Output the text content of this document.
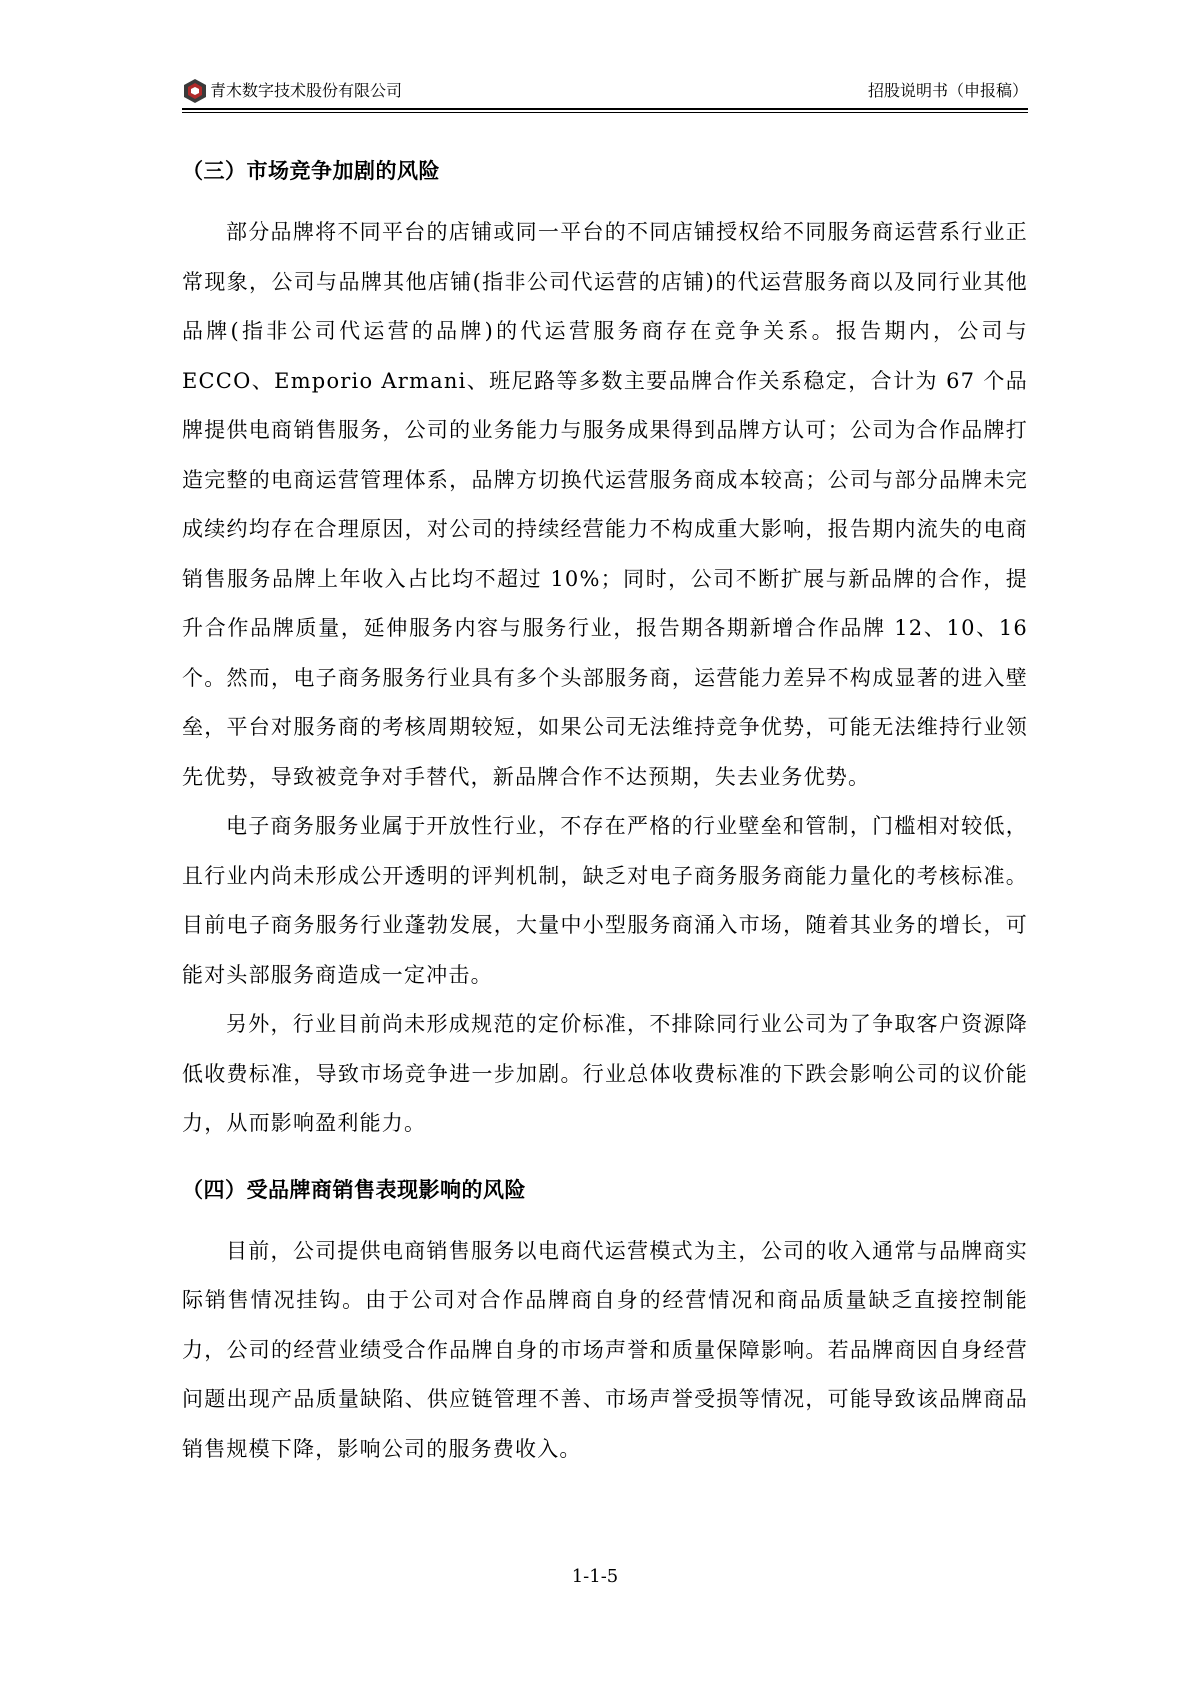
青木数字技术股份有限公司	招股说明书（申报稿）
（三）市场竞争加剧的风险

部分品牌将不同平台的店铺或同一平台的不同店铺授权给不同服务商运营系行业正常现象，公司与品牌其他店铺(指非公司代运营的店铺)的代运营服务商以及同行业其他品牌(指非公司代运营的品牌)的代运营服务商存在竞争关系。报告期内，公司与 ECCO、Emporio Armani、班尼路等多数主要品牌合作关系稳定，合计为 67 个品牌提供电商销售服务，公司的业务能力与服务成果得到品牌方认可；公司为合作品牌打造完整的电商运营管理体系，品牌方切换代运营服务商成本较高；公司与部分品牌未完成续约均存在合理原因，对公司的持续经营能力不构成重大影响，报告期内流失的电商销售服务品牌上年收入占比均不超过 10%；同时，公司不断扩展与新品牌的合作，提升合作品牌质量，延伸服务内容与服务行业，报告期各期新增合作品牌 12、10、16 个。然而，电子商务服务行业具有多个头部服务商，运营能力差异不构成显著的进入壁垒，平台对服务商的考核周期较短，如果公司无法维持竞争优势，可能无法维持行业领先优势，导致被竞争对手替代，新品牌合作不达预期，失去业务优势。

电子商务服务业属于开放性行业，不存在严格的行业壁垒和管制，门槛相对较低，且行业内尚未形成公开透明的评判机制，缺乏对电子商务服务商能力量化的考核标准。目前电子商务服务行业蓬勃发展，大量中小型服务商涌入市场，随着其业务的增长，可能对头部服务商造成一定冲击。

另外，行业目前尚未形成规范的定价标准，不排除同行业公司为了争取客户资源降低收费标准，导致市场竞争进一步加剧。行业总体收费标准的下跌会影响公司的议价能力，从而影响盈利能力。

（四）受品牌商销售表现影响的风险

目前，公司提供电商销售服务以电商代运营模式为主，公司的收入通常与品牌商实际销售情况挂钩。由于公司对合作品牌商自身的经营情况和商品质量缺乏直接控制能力，公司的经营业绩受合作品牌自身的市场声誉和质量保障影响。若品牌商因自身经营问题出现产品质量缺陷、供应链管理不善、市场声誉受损等情况，可能导致该品牌商品销售规模下降，影响公司的服务费收入。

1-1-5
